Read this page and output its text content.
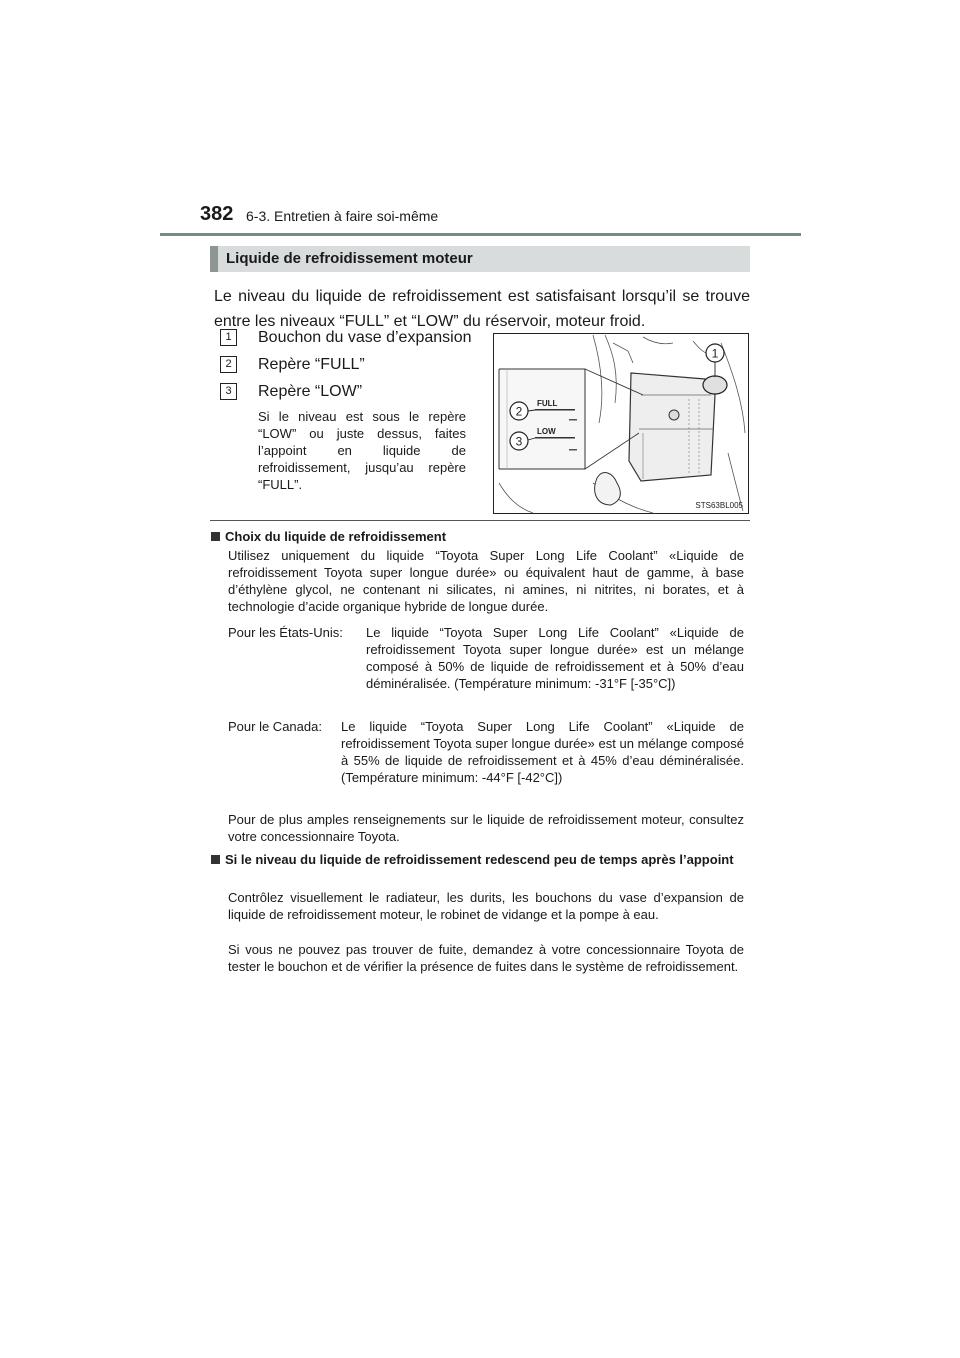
382 6-3. Entretien à faire soi-même
Liquide de refroidissement moteur
Le niveau du liquide de refroidissement est satisfaisant lorsqu’il se trouve entre les niveaux “FULL” et “LOW” du réservoir, moteur froid.
1	Bouchon du vase d’expansion
2	Repère “FULL”
3	Repère “LOW”
Si le niveau est sous le repère “LOW” ou juste dessus, faites l’appoint en liquide de refroidissement, jusqu’au repère “FULL”.
FULL
LOW
1
2
3
STS63BL005
Choix du liquide de refroidissement
Utilisez uniquement du liquide “Toyota Super Long Life Coolant” «Liquide de refroidissement Toyota super longue durée» ou équivalent haut de gamme, à base d’éthylène glycol, ne contenant ni silicates, ni amines, ni nitrites, ni borates, et à technologie d’acide organique hybride de longue durée.
Pour les États-Unis: Le liquide “Toyota Super Long Life Coolant” «Liquide de refroidissement Toyota super longue durée» est un mélange composé à 50% de liquide de refroidissement et à 50% d’eau déminéralisée. (Température minimum: -31°F [-35°C])
Pour le Canada: Le liquide “Toyota Super Long Life Coolant” «Liquide de refroidissement Toyota super longue durée» est un mélange composé à 55% de liquide de refroidissement et à 45% d’eau déminéralisée. (Température minimum: -44°F [-42°C])
Pour de plus amples renseignements sur le liquide de refroidissement moteur, consultez votre concessionnaire Toyota.
Si le niveau du liquide de refroidissement redescend peu de temps après l’appoint
Contrôlez visuellement le radiateur, les durits, les bouchons du vase d’expansion de liquide de refroidissement moteur, le robinet de vidange et la pompe à eau.
Si vous ne pouvez pas trouver de fuite, demandez à votre concessionnaire Toyota de tester le bouchon et de vérifier la présence de fuites dans le système de refroidissement.
